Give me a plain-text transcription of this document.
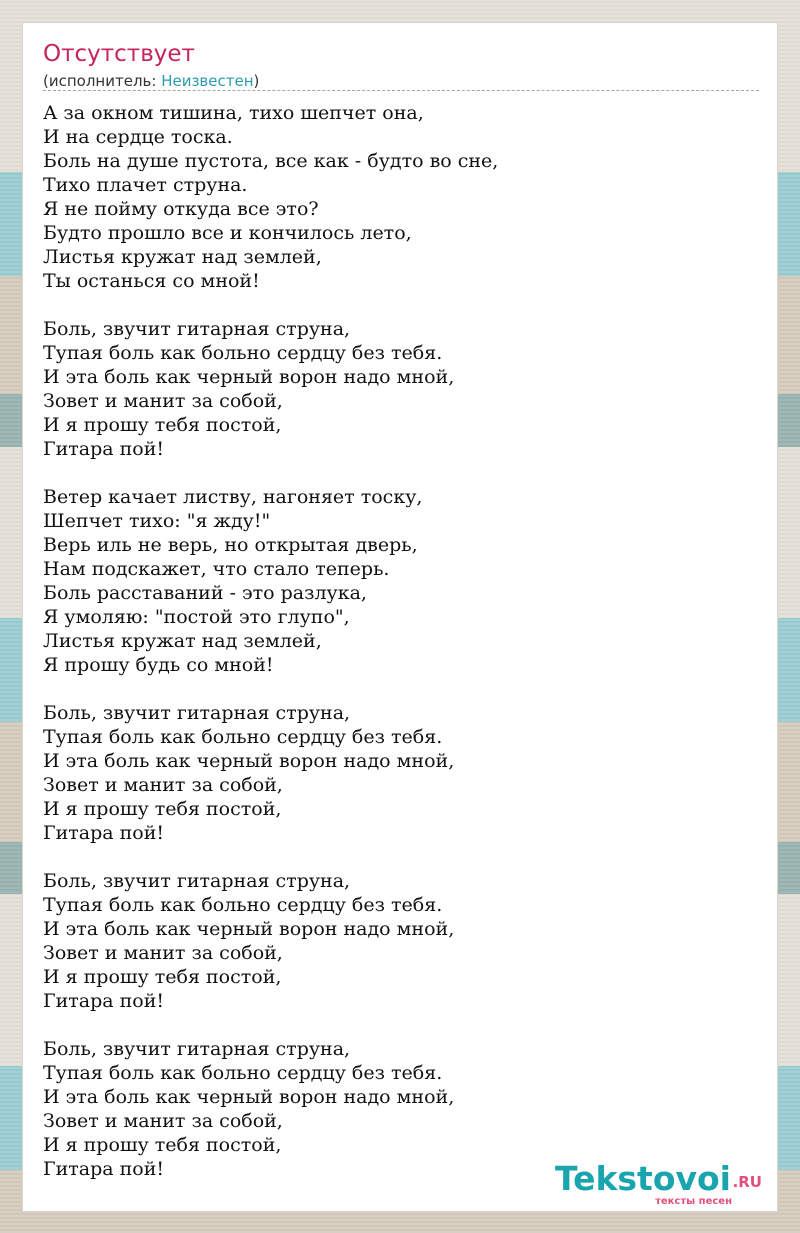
Отсутствует
(исполнитель: Неизвестен)
А за окном тишина, тихо шепчет она,
И на сердце тоска.
Боль на душе пустота, все как - будто во сне,
Тихо плачет струна.
Я не пойму откуда все это?
Будто прошло все и кончилось лето,
Листья кружат над землей,
Ты останься со мной!

Боль, звучит гитарная струна,
Тупая боль как больно сердцу без тебя.
И эта боль как черный ворон надо мной,
Зовет и манит за собой,
И я прошу тебя постой,
Гитара пой!

Ветер качает листву, нагоняет тоску,
Шепчет тихо: "я жду!"
Верь иль не верь, но открытая дверь,
Нам подскажет, что стало теперь.
Боль расставаний - это разлука,
Я умоляю: "постой это глупо",
Листья кружат над землей,
Я прошу будь со мной!

Боль, звучит гитарная струна,
Тупая боль как больно сердцу без тебя.
И эта боль как черный ворон надо мной,
Зовет и манит за собой,
И я прошу тебя постой,
Гитара пой!

Боль, звучит гитарная струна,
Тупая боль как больно сердцу без тебя.
И эта боль как черный ворон надо мной,
Зовет и манит за собой,
И я прошу тебя постой,
Гитара пой!

Боль, звучит гитарная струна,
Тупая боль как больно сердцу без тебя.
И эта боль как черный ворон надо мной,
Зовет и манит за собой,
И я прошу тебя постой,
Гитара пой!	Tekstovoi .RU
тексты песен
